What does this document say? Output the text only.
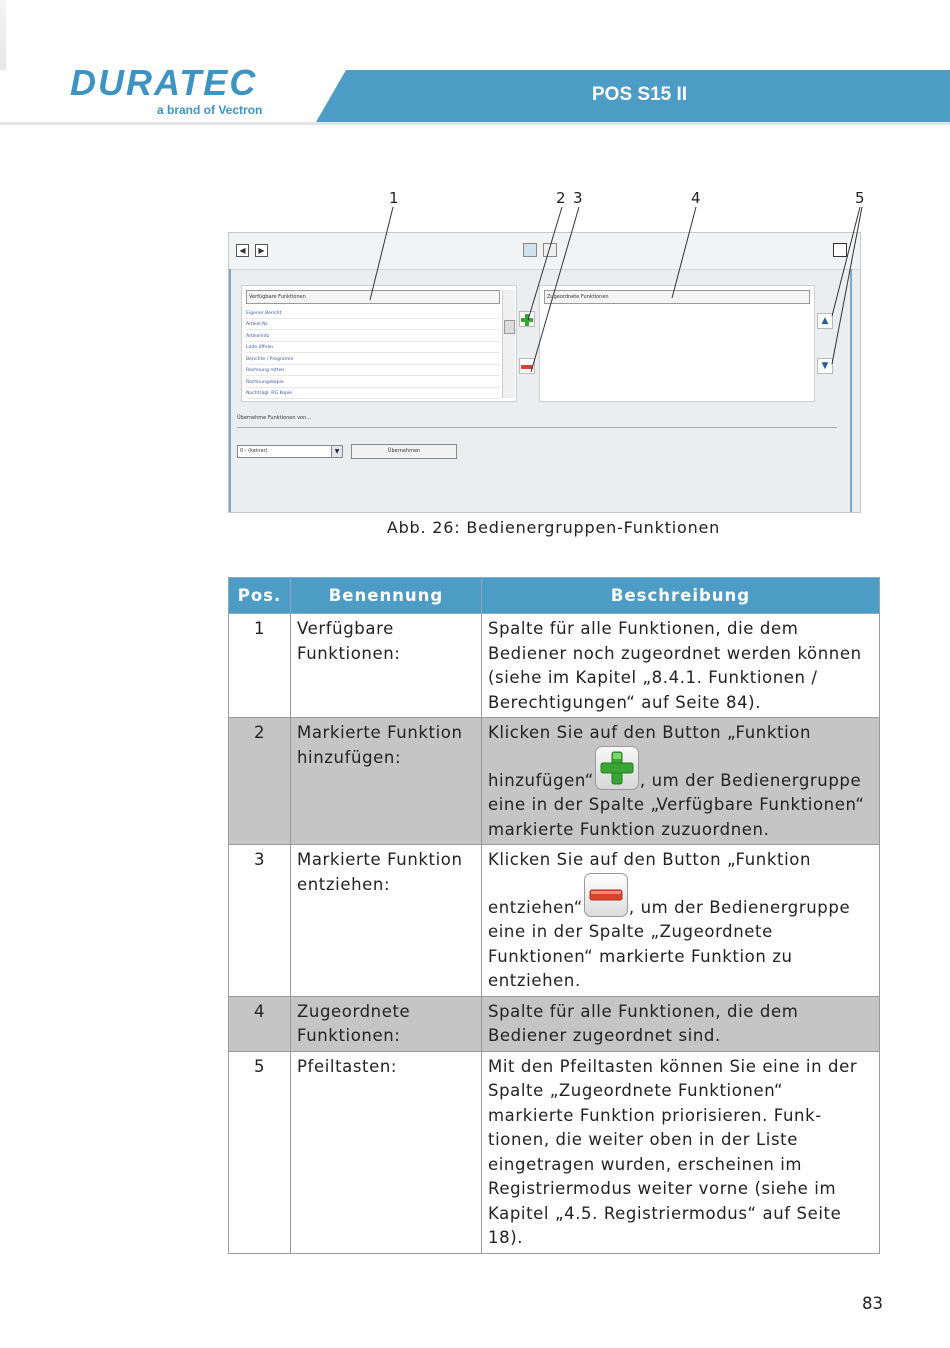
DURATEC
a brand of Vectron
POS S15 II
1	2 3	4	5
◀	▶
Verfügbare Funktionen
Eigener Bericht
Artikel Nr.
Artikelinfo
Lade öffnen
Berichte / Programm
Rechnung retten
Rechnungskopie
Nachträgl. RG Kopie
Zugeordnete Funktionen
▲
▼
Übernehme Funktionen von...
0 - (keiner)	▼	Übernehmen
Abb. 26: Bedienergruppen-Funktionen
Pos.	Benennung	Beschreibung
1	Verfügbare Funktionen:	Spalte für alle Funktionen, die dem Bediener noch zugeordnet werden können (siehe im Kapitel „8.4.1. Funktionen / Berechtigungen“ auf Seite 84).
2	Markierte Funktion hinzufügen:	Klicken Sie auf den Button „Funktion hinzufügen“ , um der Bedienergruppe eine in der Spalte „Verfügbare Funktionen“ markierte Funktion zuzuordnen.
3	Markierte Funktion entziehen:	Klicken Sie auf den Button „Funktion entziehen“ , um der Bedienergruppe eine in der Spalte „Zugeordnete Funktionen“ markierte Funktion zu entziehen.
4	Zugeordnete Funktionen:	Spalte für alle Funktionen, die dem Bediener zugeordnet sind.
5	Pfeiltasten:	Mit den Pfeiltasten können Sie eine in der Spalte „Zugeordnete Funktionen“ markierte Funktion priorisieren. Funktionen, die weiter oben in der Liste eingetragen wurden, erscheinen im Registriermodus weiter vorne (siehe im Kapitel „4.5. Registriermodus“ auf Seite 18).
83
